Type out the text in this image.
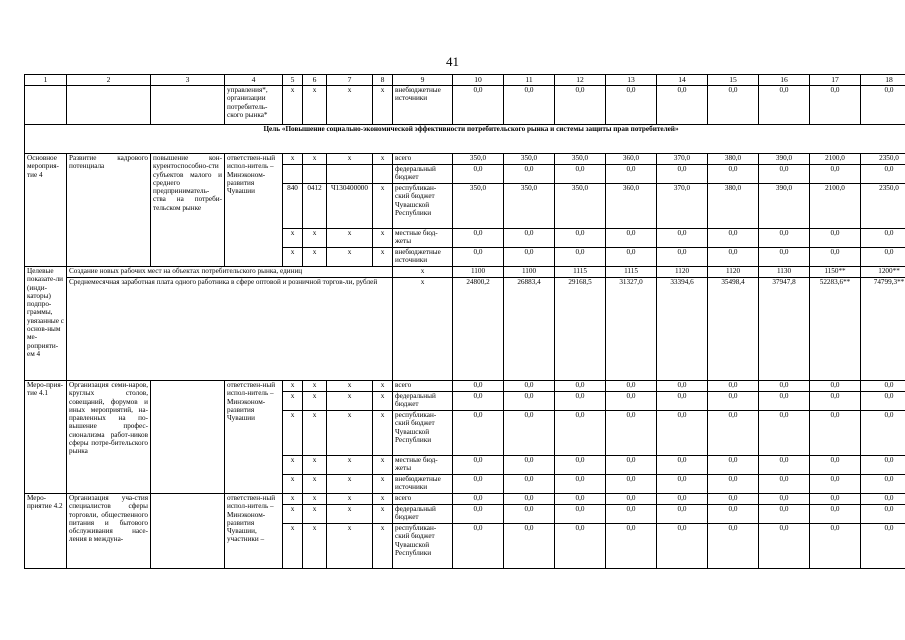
41
1	2	3	4	5	6	7	8	9	10	11	12	13	14	15	16	17	18
			управления*, организации потребитель-ского рынка*	x	x	x	x	внебюджетные источники	0,0	0,0	0,0	0,0	0,0	0,0	0,0	0,0	0,0
Цель «Повышение социально-экономической эффективности потребительского рынка и системы защиты прав потребителей»																	
Основное мероприя-тие 4	Развитие кадрового потенциала	повышение кон-курентоспособно-сти субъектов малого и среднего предприниматель-ства на потреби-тельском рынке	ответствен-ный испол-нитель – Минэконом-развития Чувашии	x	x	x	x	всего	350,0	350,0	350,0	360,0	370,0	380,0	390,0	2100,0	2350,0
								федеральный бюджет	0,0	0,0	0,0	0,0	0,0	0,0	0,0	0,0	0,0
				840	0412	Ч130400000	x	республикан-ский бюджет Чувашской Республики	350,0	350,0	350,0	360,0	370,0	380,0	390,0	2100,0	2350,0
				x	x	x	x	местные бюд-жеты	0,0	0,0	0,0	0,0	0,0	0,0	0,0	0,0	0,0
				x	x	x	x	внебюджетные источники	0,0	0,0	0,0	0,0	0,0	0,0	0,0	0,0	0,0
Целевые показате-ли (инди-каторы) подпро-граммы, увязанные с основ-ным ме-роприяти-ем 4	Создание новых рабочих мест на объектах потребительского рынка, единиц							x	1100	1100	1115	1115	1120	1120	1130	1150**	1200**
	Среднемесячная заработная плата одного работника в сфере оптовой и розничной торгов-ли, рублей							x	24800,2	26883,4	29168,5	31327,0	33394,6	35498,4	37947,8	52283,6**	74799,3**
Меро-прия-тие 4.1	Организация семи-наров, круглых столов, совещаний, форумов и иных мероприятий, на-правленных на по-вышение профес-сионализма работ-ников сферы потре-бительского рынка		ответствен-ный испол-нитель – Минэконом-развития Чувашии	x	x	x	x	всего	0,0	0,0	0,0	0,0	0,0	0,0	0,0	0,0	0,0
				x	x	x	x	федеральный бюджет	0,0	0,0	0,0	0,0	0,0	0,0	0,0	0,0	0,0
				x	x	x	x	республикан-ский бюджет Чувашской Республики	0,0	0,0	0,0	0,0	0,0	0,0	0,0	0,0	0,0
				x	x	x	x	местные бюд-жеты	0,0	0,0	0,0	0,0	0,0	0,0	0,0	0,0	0,0
				x	x	x	x	внебюджетные источники	0,0	0,0	0,0	0,0	0,0	0,0	0,0	0,0	0,0
Меро-приятие 4.2	Организация уча-стия специалистов сферы торговли, общественного питания и бытового обслуживания насе-ления в междуна-		ответствен-ный испол-нитель – Минэконом-развития Чувашии, участники –	x	x	x	x	всего	0,0	0,0	0,0	0,0	0,0	0,0	0,0	0,0	0,0
				x	x	x	x	федеральный бюджет	0,0	0,0	0,0	0,0	0,0	0,0	0,0	0,0	0,0
				x	x	x	x	республикан-ский бюджет Чувашской Республики	0,0	0,0	0,0	0,0	0,0	0,0	0,0	0,0	0,0
